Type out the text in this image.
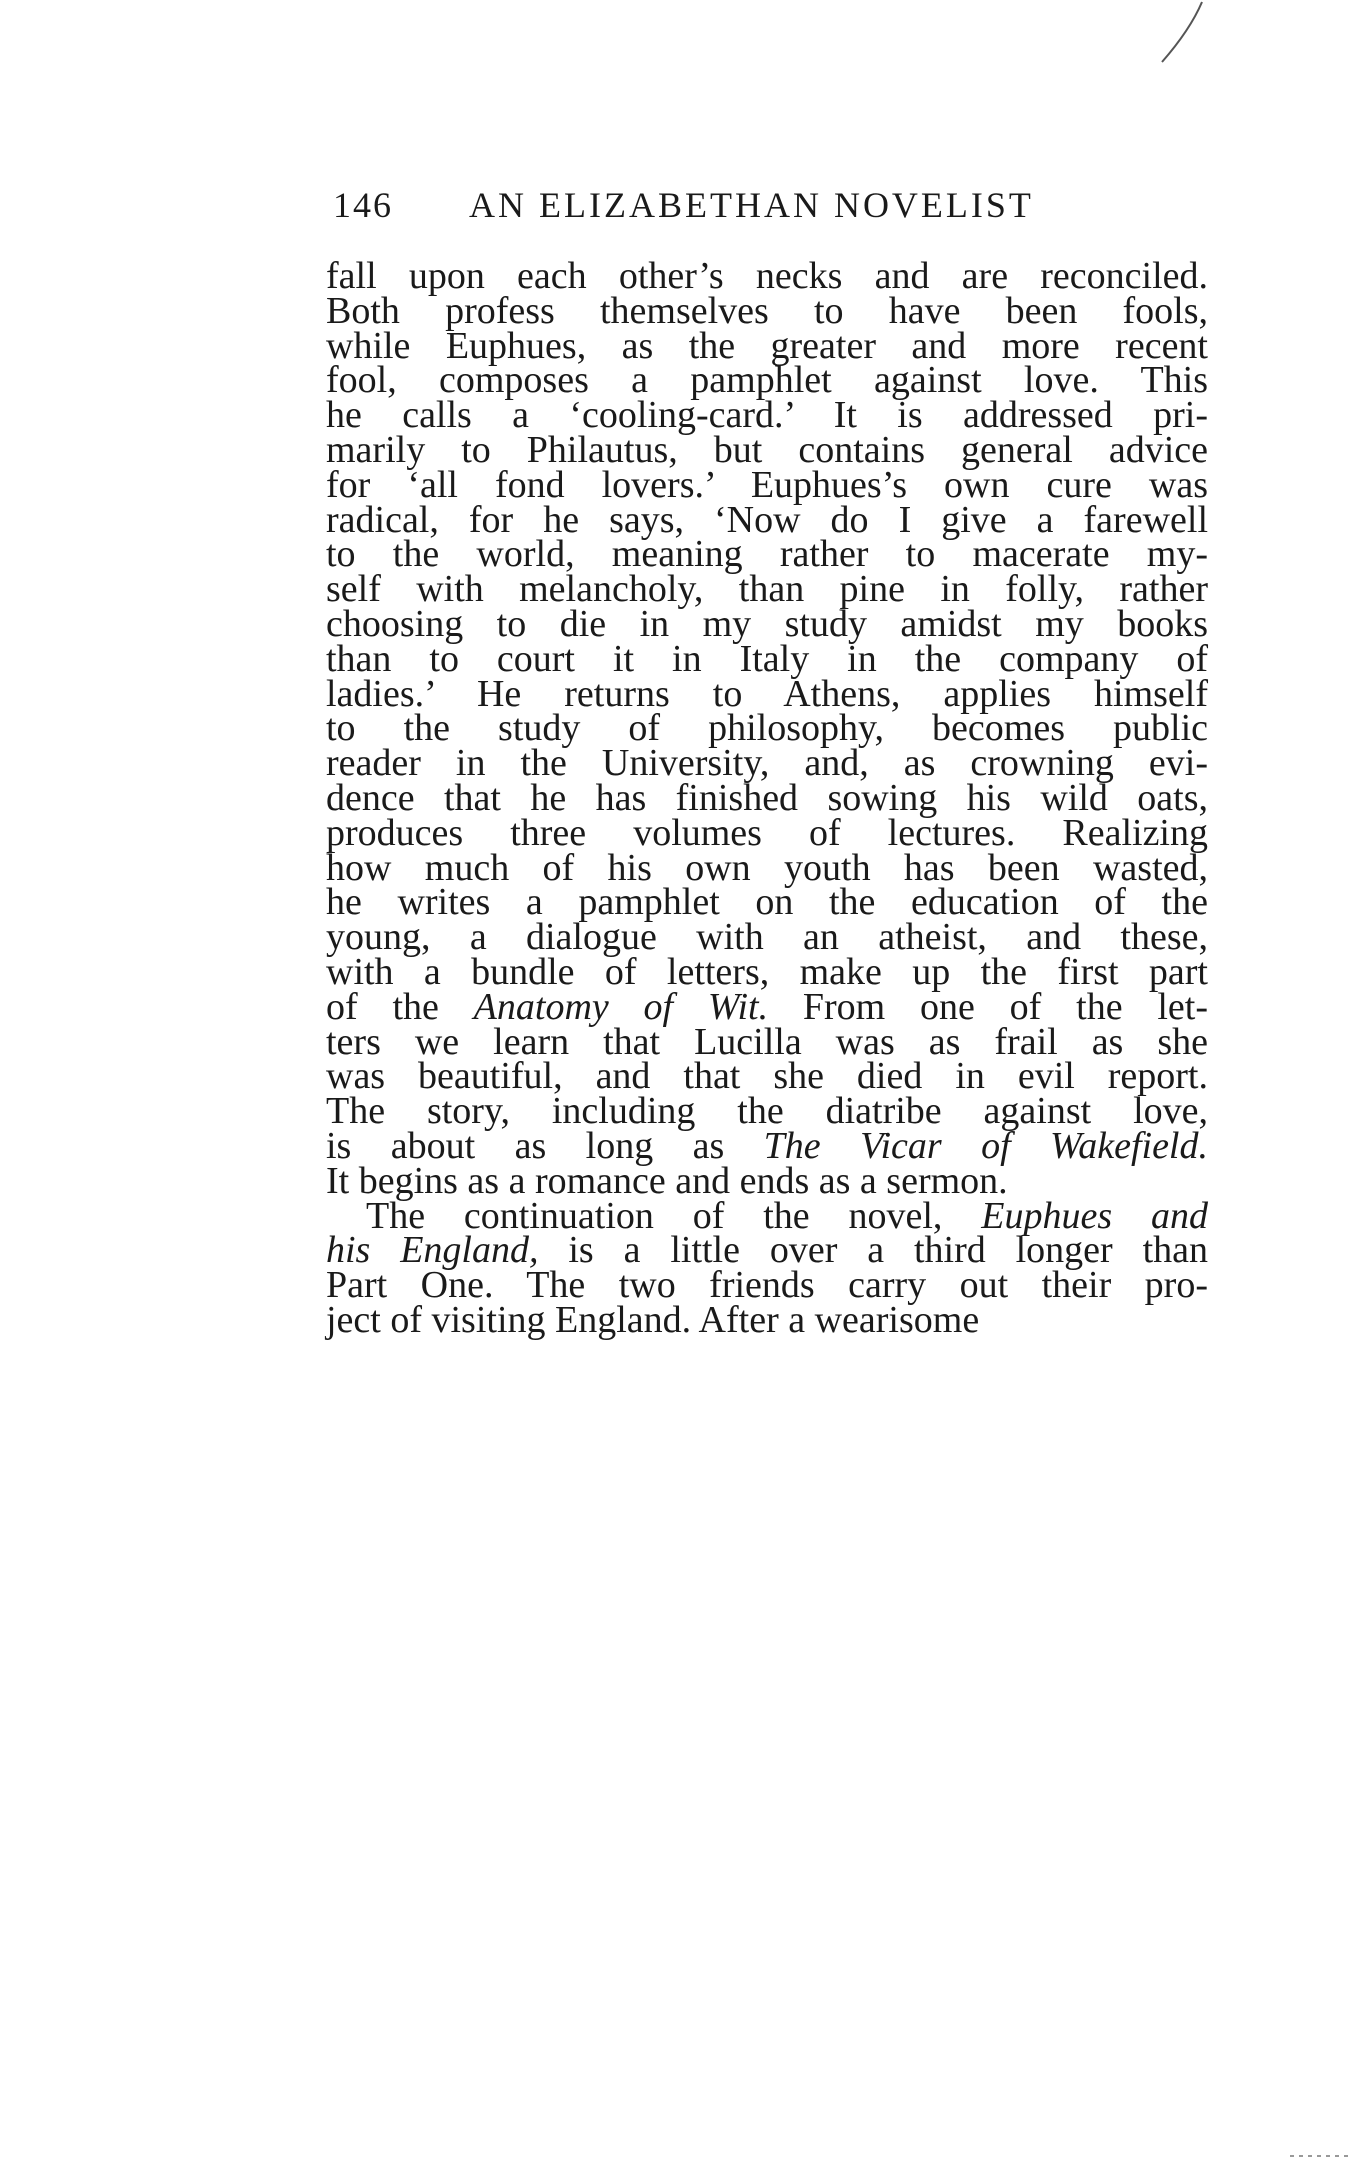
146 AN ELIZABETHAN NOVELIST
fall upon each other’s necks and are reconciled.
Both profess themselves to have been fools,
while Euphues, as the greater and more recent
fool, composes a pamphlet against love. This
he calls a ‘cooling-card.’ It is addressed pri-
marily to Philautus, but contains general advice
for ‘all fond lovers.’ Euphues’s own cure was
radical, for he says, ‘Now do I give a farewell
to the world, meaning rather to macerate my-
self with melancholy, than pine in folly, rather
choosing to die in my study amidst my books
than to court it in Italy in the company of
ladies.’ He returns to Athens, applies himself
to the study of philosophy, becomes public
reader in the University, and, as crowning evi-
dence that he has finished sowing his wild oats,
produces three volumes of lectures. Realizing
how much of his own youth has been wasted,
he writes a pamphlet on the education of the
young, a dialogue with an atheist, and these,
with a bundle of letters, make up the first part
of the Anatomy of Wit. From one of the let-
ters we learn that Lucilla was as frail as she
was beautiful, and that she died in evil report.
The story, including the diatribe against love,
is about as long as The Vicar of Wakefield.
It begins as a romance and ends as a sermon.
The continuation of the novel, Euphues and
his England, is a little over a third longer than
Part One. The two friends carry out their pro-
ject of visiting England. After a wearisome
